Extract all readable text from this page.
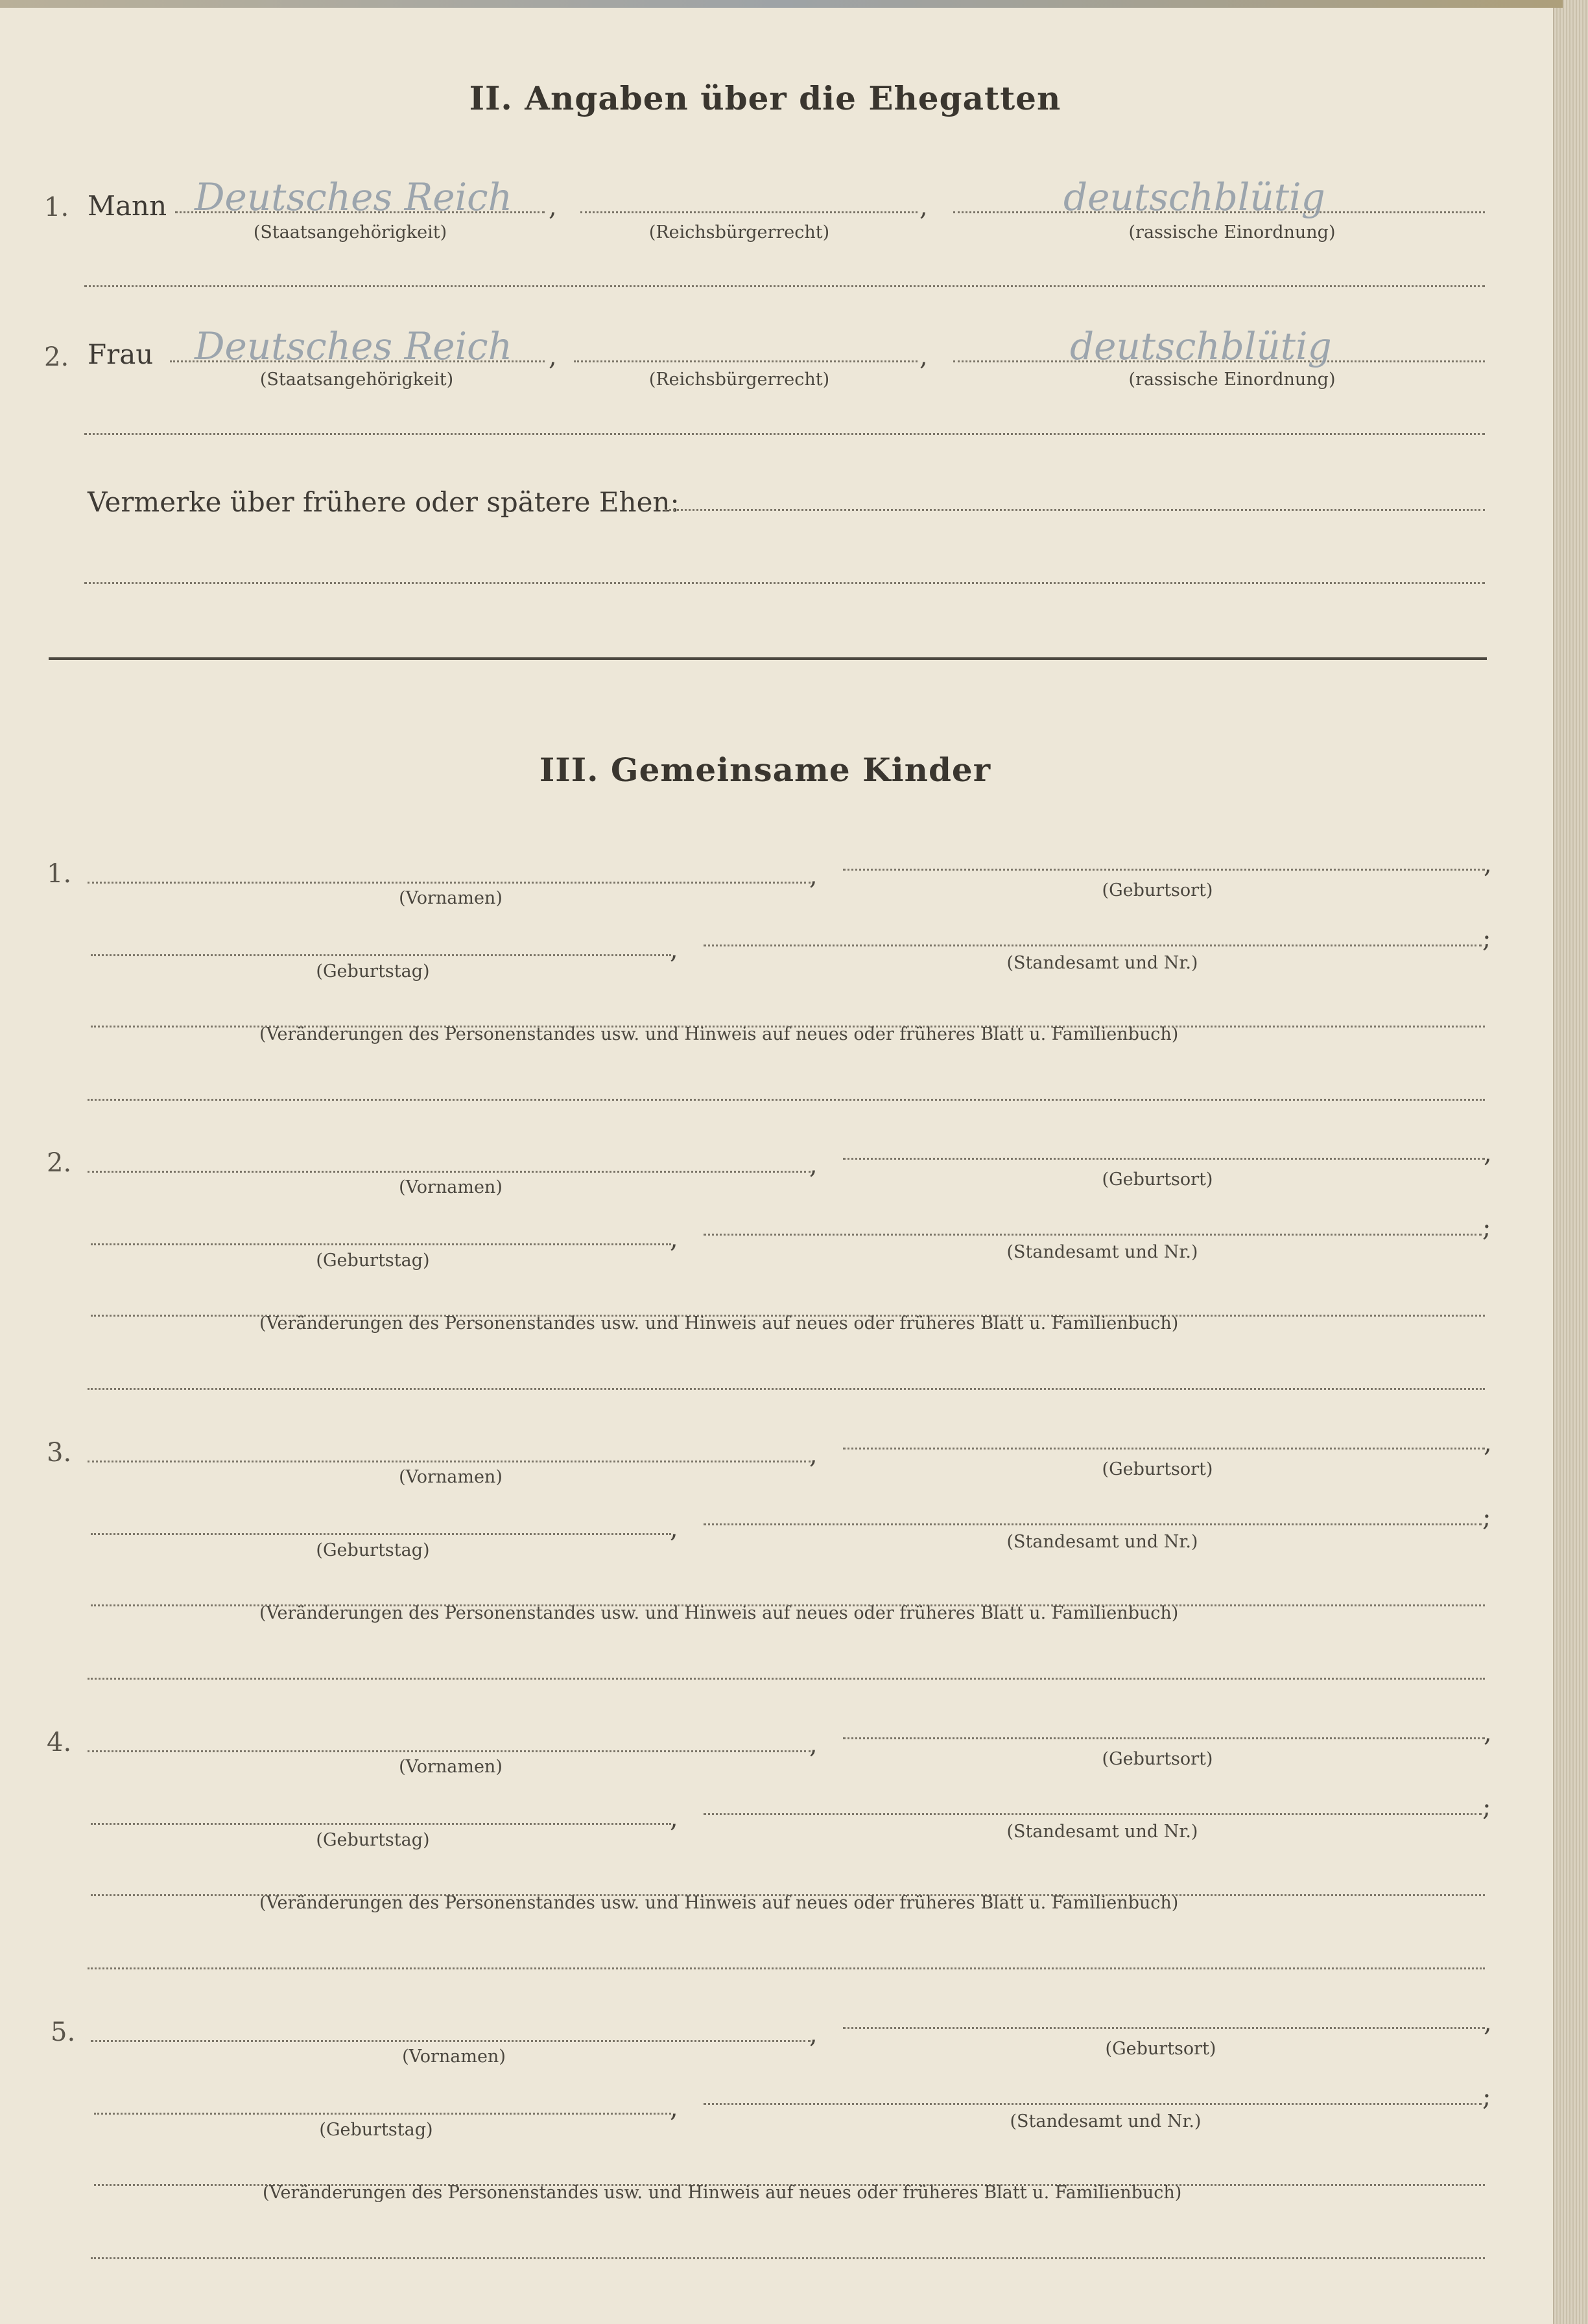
II. Angaben über die Ehegatten
1. Mann Deutsches Reich ,	,	deutschblütig
(Staatsangehörigkeit)	(Reichsbürgerrecht)	(rassische Einordnung)
2. Frau Deutsches Reich ,	,	deutschblütig
(Staatsangehörigkeit)	(Reichsbürgerrecht)	(rassische Einordnung)
Vermerke über frühere oder spätere Ehen:
III. Gemeinsame Kinder
1.	,	,
(Vornamen)	(Geburtsort)
,	;
(Geburtstag)	(Standesamt und Nr.)
(Veränderungen des Personenstandes usw. und Hinweis auf neues oder früheres Blatt u. Familienbuch)
2.	,	,
(Vornamen)	(Geburtsort)
,	;
(Geburtstag)	(Standesamt und Nr.)
(Veränderungen des Personenstandes usw. und Hinweis auf neues oder früheres Blatt u. Familienbuch)
3.	,	,
(Vornamen)	(Geburtsort)
,	;
(Geburtstag)	(Standesamt und Nr.)
(Veränderungen des Personenstandes usw. und Hinweis auf neues oder früheres Blatt u. Familienbuch)
4.	,	,
(Vornamen)	(Geburtsort)
,	;
(Geburtstag)	(Standesamt und Nr.)
(Veränderungen des Personenstandes usw. und Hinweis auf neues oder früheres Blatt u. Familienbuch)
5.	,	,
(Vornamen)	(Geburtsort)
,	;
(Geburtstag)	(Standesamt und Nr.)
(Veränderungen des Personenstandes usw. und Hinweis auf neues oder früheres Blatt u. Familienbuch)
